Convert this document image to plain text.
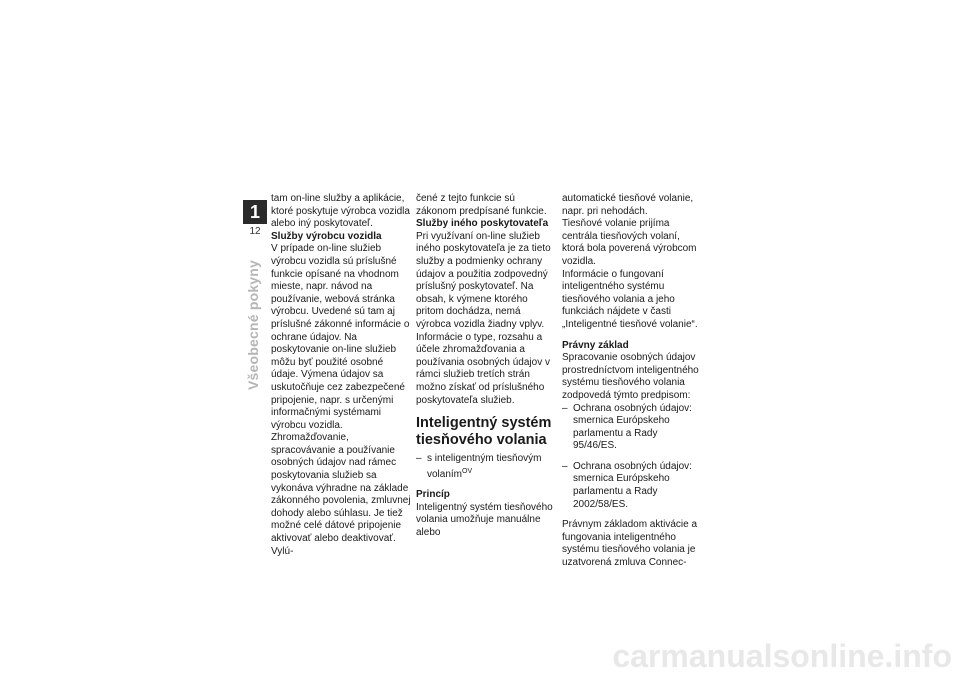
1
12
Všeobecné pokyny

tam on-line služby a aplikácie, ktoré poskytuje výrobca vozidla alebo iný poskytovateľ.

Služby výrobcu vozidla

V prípade on-line služieb výrobcu vozidla sú príslušné funkcie opísané na vhodnom mieste, napr. návod na používanie, webová stránka výrobcu. Uvedené sú tam aj príslušné zákonné informácie o ochrane údajov. Na poskytovanie on-line služieb môžu byť použité osobné údaje. Výmena údajov sa uskutočňuje cez zabezpečené pripojenie, napr. s určenými informačnými systémami výrobcu vozidla.

Zhromažďovanie, spracovávanie a používanie osobných údajov nad rámec poskytovania služieb sa vykonáva výhradne na základe zákonného povolenia, zmluvnej dohody alebo súhlasu. Je tiež možné celé dátové pripojenie aktivovať alebo deaktivovať. Vylú-

čené z tejto funkcie sú zákonom predpísané funkcie.

Služby iného poskytovateľa

Pri využívaní on-line služieb iného poskytovateľa je za tieto služby a podmienky ochrany údajov a použitia zodpovedný príslušný poskytovateľ. Na obsah, k výmene ktorého pritom dochádza, nemá výrobca vozidla žiadny vplyv. Informácie o type, rozsahu a účele zhromažďovania a používania osobných údajov v rámci služieb tretích strán možno získať od príslušného poskytovateľa služieb.

Inteligentný systém tiesňového volania

– s inteligentným tiesňovým volaním$^{OV}$

Princíp

Inteligentný systém tiesňového volania umožňuje manuálne alebo

automatické tiesňové volanie, napr. pri nehodách.

Tiesňové volanie prijíma centrála tiesňových volaní, ktorá bola poverená výrobcom vozidla.

Informácie o fungovaní inteligentného systému tiesňového volania a jeho funkciách nájdete v časti „Inteligentné tiesňové volanie“.

Právny základ

Spracovanie osobných údajov prostredníctvom inteligentného systému tiesňového volania zodpovedá týmto predpisom:

– Ochrana osobných údajov: smernica Európskeho parlamentu a Rady 95/46/ES.
– Ochrana osobných údajov: smernica Európskeho parlamentu a Rady 2002/58/ES.

Právnym základom aktivácie a fungovania inteligentného systému tiesňového volania je uzatvorená zmluva Connec-

carmanualsonline.info
